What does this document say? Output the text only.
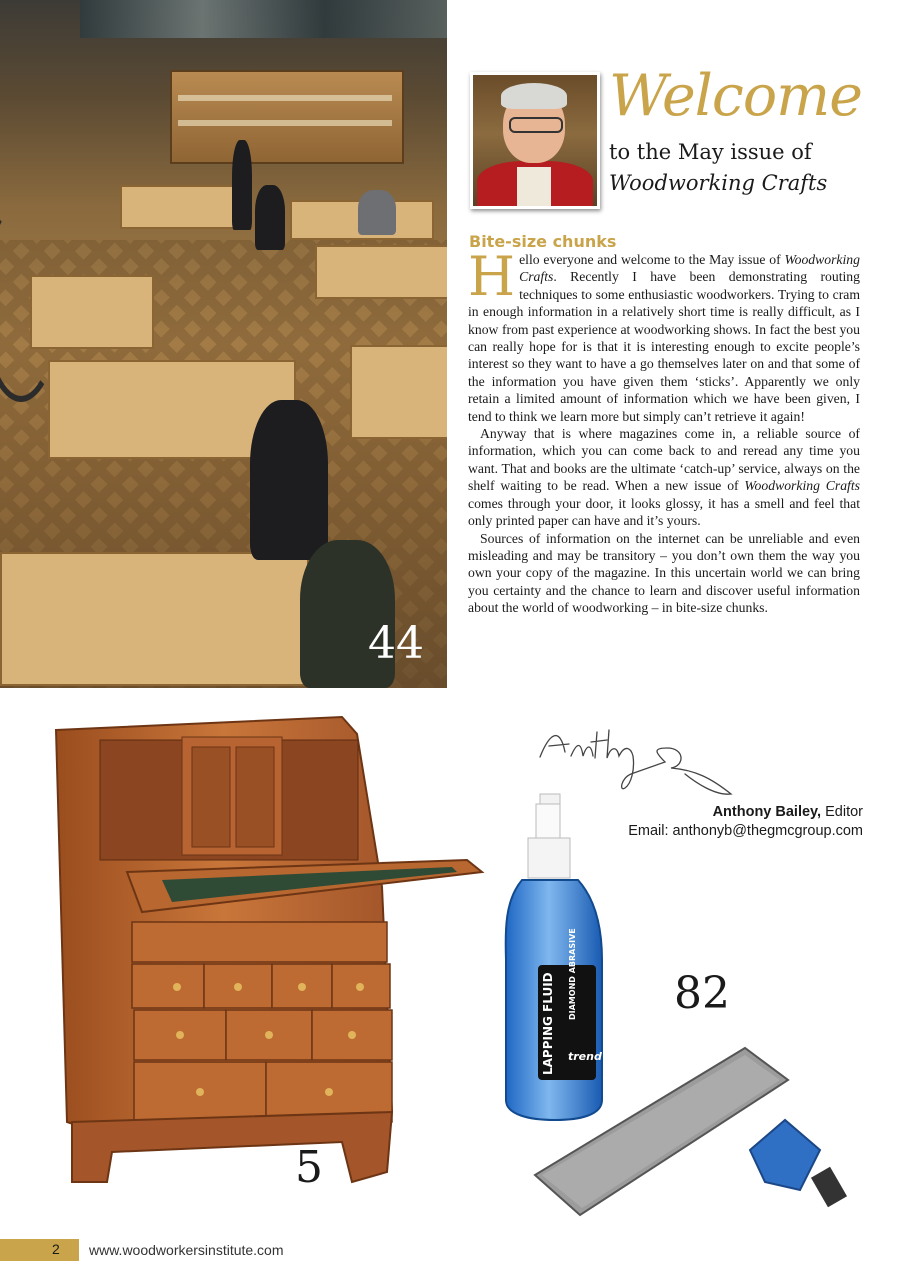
44
Welcome
to the May issue of
Woodworking Crafts
Bite-size chunks

Hello everyone and welcome to the May issue of Woodworking Crafts. Recently I have been demonstrating routing techniques to some enthusiastic woodworkers. Trying to cram in enough information in a relatively short time is really difficult, as I know from past experience at woodworking shows. In fact the best you can really hope for is that it is interesting enough to excite people’s interest so they want to have a go themselves later on and that some of the information you have given them ‘sticks’. Apparently we only retain a limited amount of information which we have been given, I tend to think we learn more but simply can’t retrieve it again!

Anyway that is where magazines come in, a reliable source of information, which you can come back to and reread any time you want. That and books are the ultimate ‘catch-up’ service, always on the shelf waiting to be read. When a new issue of Woodworking Crafts comes through your door, it looks glossy, it has a smell and feel that only printed paper can have and it’s yours.

Sources of information on the internet can be unreliable and even misleading and may be transitory – you don’t own them the way you own your copy of the magazine. In this uncertain world we can bring you certainty and the chance to learn and discover useful information about the world of woodworking – in bite-size chunks.

Anthony Bailey, Editor
Email: anthonyb@thegmcgroup.com
5
LAPPING FLUID DIAMOND ABRASIVE
trend
82
2 www.woodworkersinstitute.com
